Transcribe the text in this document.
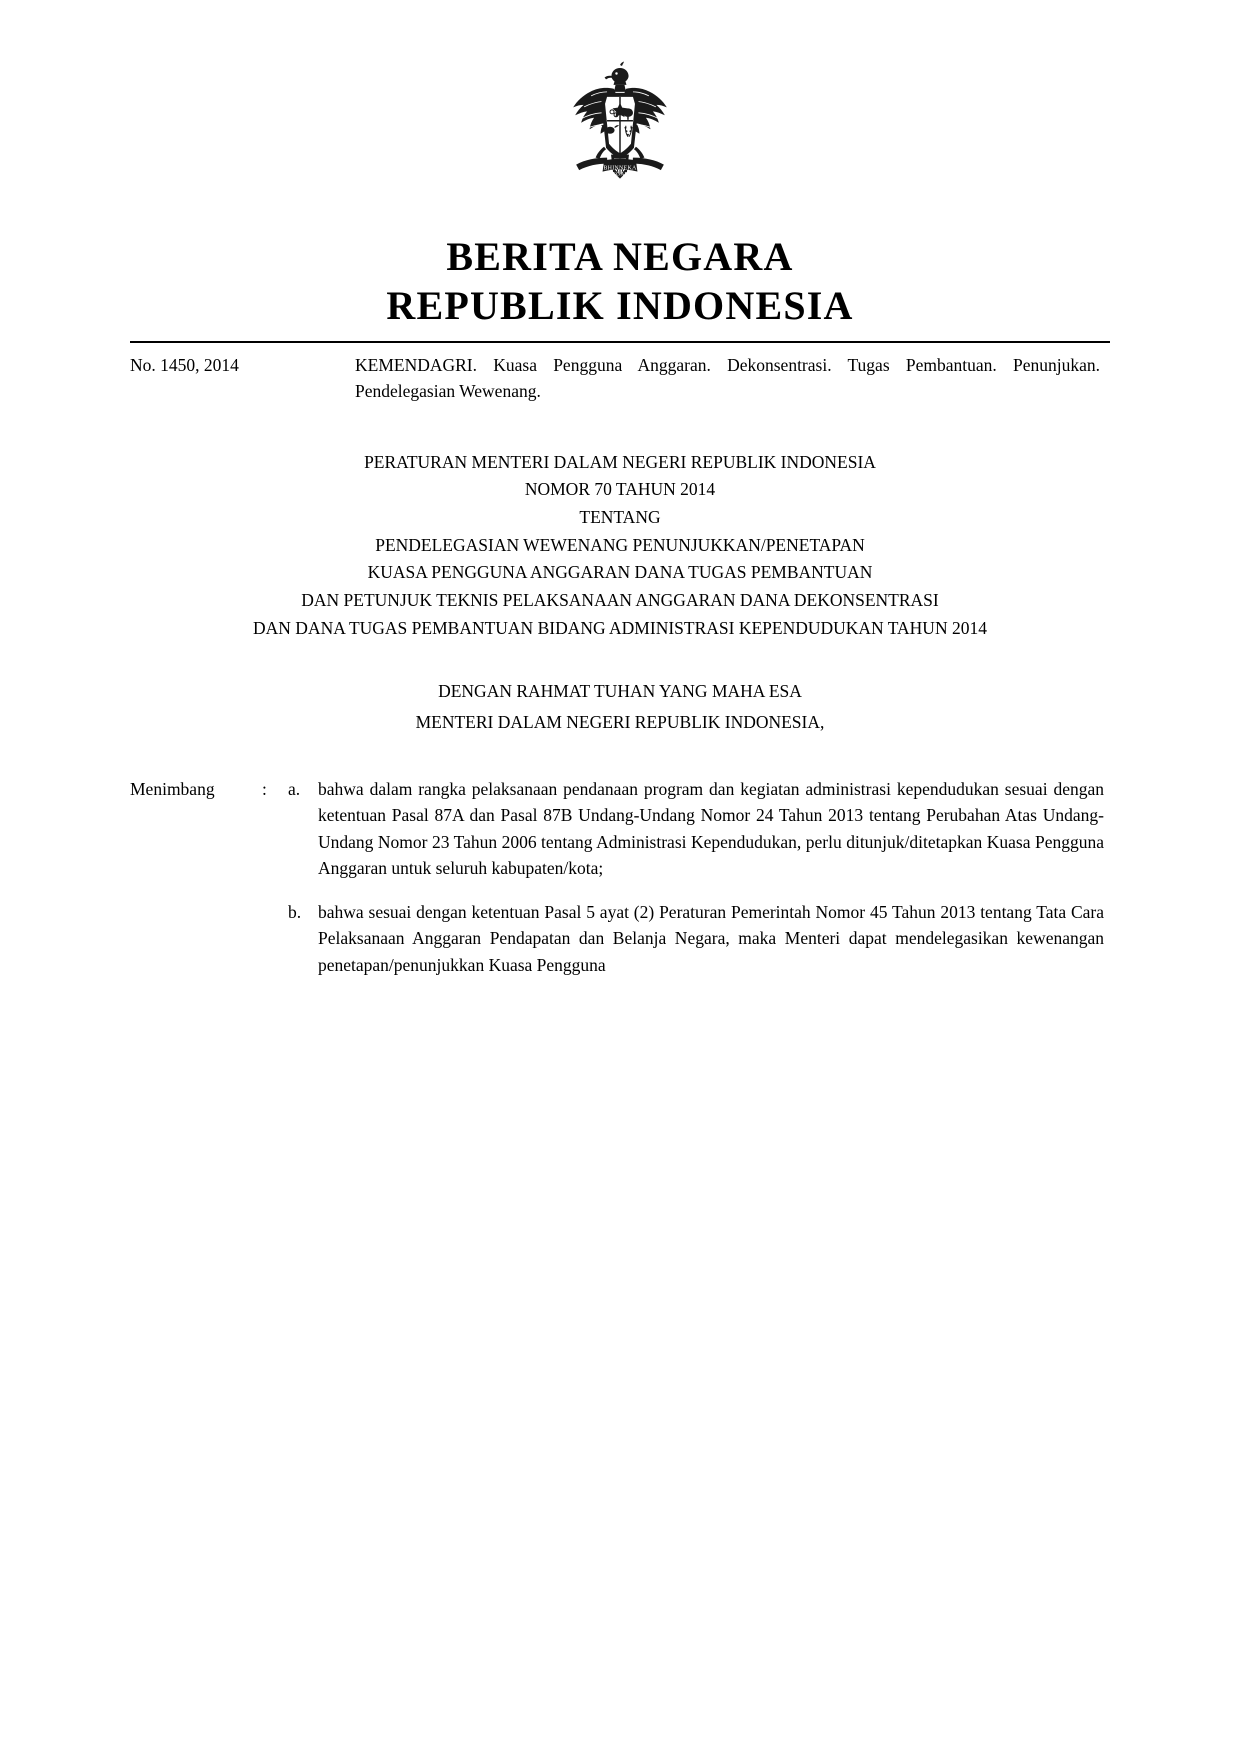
BHINNEKA
TUNGGAL IKA
BERITA NEGARA
REPUBLIK INDONESIA
No. 1450, 2014	KEMENDAGRI. Kuasa Pengguna Anggaran. Dekonsentrasi. Tugas Pembantuan. Penunjukan. Pendelegasian Wewenang.
PERATURAN MENTERI DALAM NEGERI REPUBLIK INDONESIA
NOMOR 70 TAHUN 2014
TENTANG
PENDELEGASIAN WEWENANG PENUNJUKKAN/PENETAPAN
KUASA PENGGUNA ANGGARAN DANA TUGAS PEMBANTUAN
DAN PETUNJUK TEKNIS PELAKSANAAN ANGGARAN DANA DEKONSENTRASI
DAN DANA TUGAS PEMBANTUAN BIDANG ADMINISTRASI KEPENDUDUKAN TAHUN 2014
DENGAN RAHMAT TUHAN YANG MAHA ESA
MENTERI DALAM NEGERI REPUBLIK INDONESIA,
Menimbang	:	a.	bahwa dalam rangka pelaksanaan pendanaan program dan kegiatan administrasi kependudukan sesuai dengan ketentuan Pasal 87A dan Pasal 87B Undang-Undang Nomor 24 Tahun 2013 tentang Perubahan Atas Undang-Undang Nomor 23 Tahun 2006 tentang Administrasi Kependudukan, perlu ditunjuk/ditetapkan Kuasa Pengguna Anggaran untuk seluruh kabupaten/kota;
b. bahwa sesuai dengan ketentuan Pasal 5 ayat (2) Peraturan Pemerintah Nomor 45 Tahun 2013 tentang Tata Cara Pelaksanaan Anggaran Pendapatan dan Belanja Negara, maka Menteri dapat mendelegasikan kewenangan penetapan/penunjukkan Kuasa Pengguna
